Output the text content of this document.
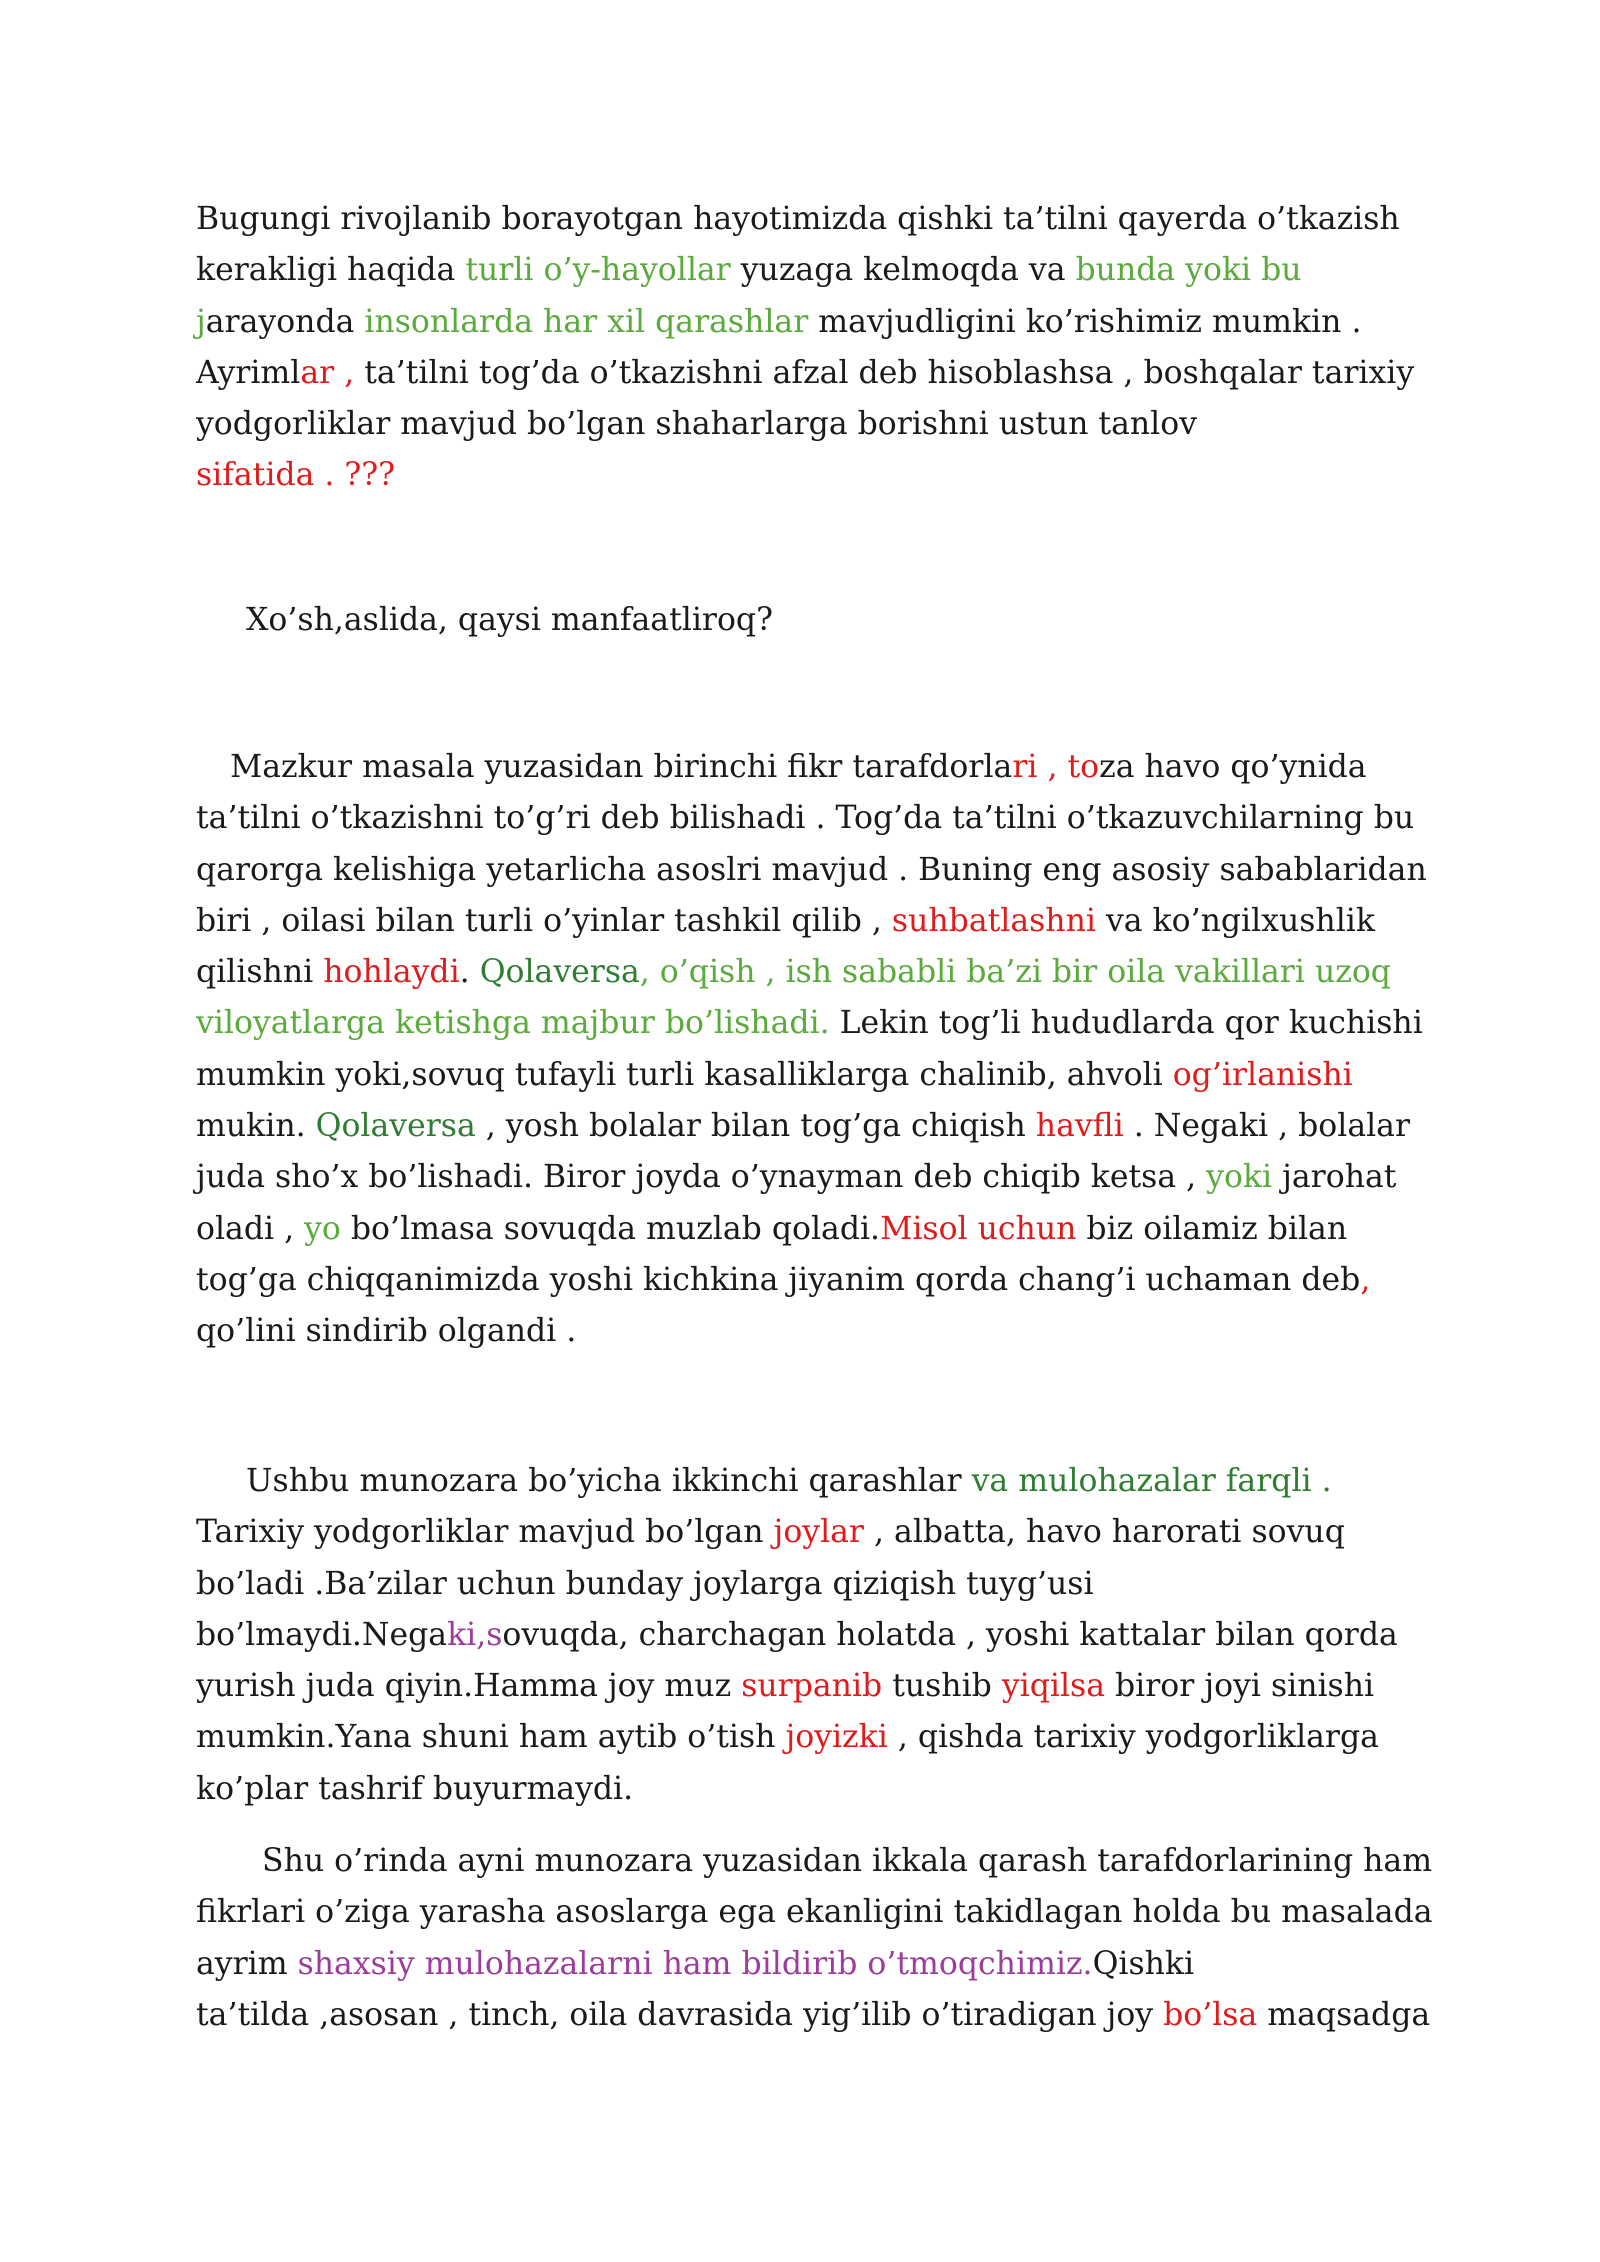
Bugungi rivojlanib borayotgan hayotimizda qishki ta’tilni qayerda o’tkazish
kerakligi haqida turli o’y-hayollar yuzaga kelmoqda va bunda yoki bu
jarayonda insonlarda har xil qarashlar mavjudligini ko’rishimiz mumkin .
Ayrimlar , ta’tilni tog’da o’tkazishni afzal deb hisoblashsa , boshqalar tarixiy
yodgorliklar mavjud bo’lgan shaharlarga borishni ustun tanlov
sifatida . ???
Xo’sh,aslida, qaysi manfaatliroq?
Mazkur masala yuzasidan birinchi fikr tarafdorlari , toza havo qo’ynida
ta’tilni o’tkazishni to’g’ri deb bilishadi . Tog’da ta’tilni o’tkazuvchilarning bu
qarorga kelishiga yetarlicha asoslri mavjud . Buning eng asosiy sabablaridan
biri , oilasi bilan turli o’yinlar tashkil qilib , suhbatlashni va ko’ngilxushlik
qilishni hohlaydi. Qolaversa, o’qish , ish sababli ba’zi bir oila vakillari uzoq
viloyatlarga ketishga majbur bo’lishadi. Lekin tog’li hududlarda qor kuchishi
mumkin yoki,sovuq tufayli turli kasalliklarga chalinib, ahvoli og’irlanishi
mukin. Qolaversa , yosh bolalar bilan tog’ga chiqish havfli . Negaki , bolalar
juda sho’x bo’lishadi. Biror joyda o’ynayman deb chiqib ketsa , yoki jarohat
oladi , yo bo’lmasa sovuqda muzlab qoladi.Misol uchun biz oilamiz bilan
tog’ga chiqqanimizda yoshi kichkina jiyanim qorda chang’i uchaman deb,
qo’lini sindirib olgandi .
Ushbu munozara bo’yicha ikkinchi qarashlar va mulohazalar farqli .
Tarixiy yodgorliklar mavjud bo’lgan joylar , albatta, havo harorati sovuq
bo’ladi .Ba’zilar uchun bunday joylarga qiziqish tuyg’usi
bo’lmaydi.Negaki,sovuqda, charchagan holatda , yoshi kattalar bilan qorda
yurish juda qiyin.Hamma joy muz surpanib tushib yiqilsa biror joyi sinishi
mumkin.Yana shuni ham aytib o’tish joyizki , qishda tarixiy yodgorliklarga
ko’plar tashrif buyurmaydi.
Shu o’rinda ayni munozara yuzasidan ikkala qarash tarafdorlarining ham
fikrlari o’ziga yarasha asoslarga ega ekanligini takidlagan holda bu masalada
ayrim shaxsiy mulohazalarni ham bildirib o’tmoqchimiz.Qishki
ta’tilda ,asosan , tinch, oila davrasida yig’ilib o’tiradigan joy bo’lsa maqsadga
